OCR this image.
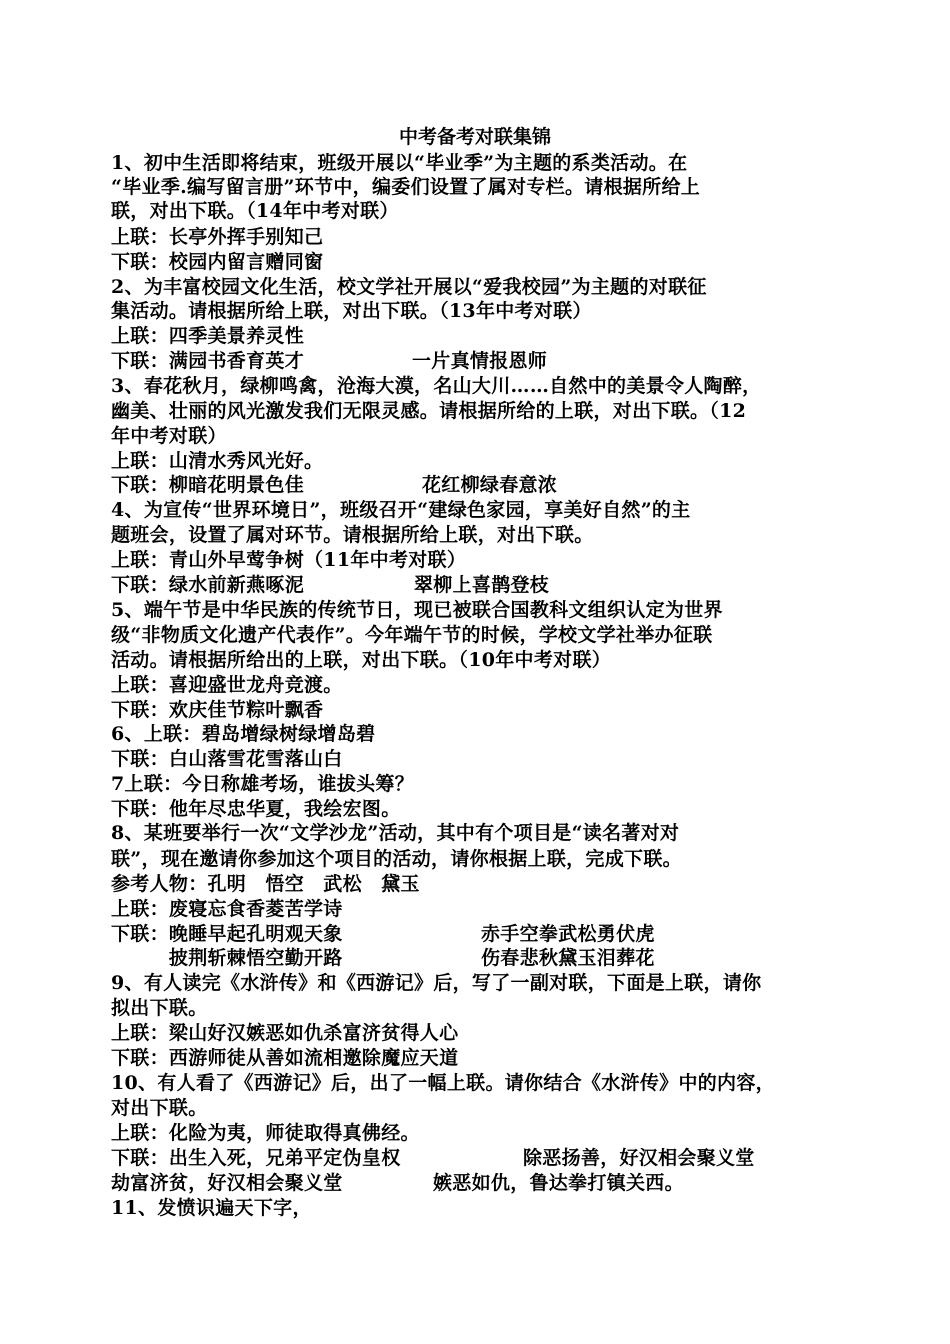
中考备考对联集锦
1、初中生活即将结束，班级开展以“毕业季”为主题的系类活动。在
“毕业季.编写留言册”环节中，编委们设置了属对专栏。请根据所给上
联，对出下联。（14年中考对联）
上联：长亭外挥手别知己
下联：校园内留言赠同窗
2、为丰富校园文化生活，校文学社开展以“爱我校园”为主题的对联征
集活动。请根据所给上联，对出下联。（13年中考对联）
上联：四季美景养灵性
下联：满园书香育英才	一片真情报恩师
3、春花秋月，绿柳鸣禽，沧海大漠，名山大川……自然中的美景令人陶醉，
幽美、壮丽的风光激发我们无限灵感。请根据所给的上联，对出下联。（12
年中考对联）
上联：山清水秀风光好。
下联：柳暗花明景色佳	花红柳绿春意浓
4、为宣传“世界环境日”，班级召开“建绿色家园，享美好自然”的主
题班会，设置了属对环节。请根据所给上联，对出下联。
上联：青山外早莺争树（11年中考对联）
下联：绿水前新燕啄泥	翠柳上喜鹊登枝
5、端午节是中华民族的传统节日，现已被联合国教科文组织认定为世界
级“非物质文化遗产代表作”。今年端午节的时候，学校文学社举办征联
活动。请根据所给出的上联，对出下联。（10年中考对联）
上联：喜迎盛世龙舟竞渡。
下联：欢庆佳节粽叶飘香
6、上联：碧岛增绿树绿增岛碧
下联：白山落雪花雪落山白
7上联：今日称雄考场，谁拔头筹？
下联：他年尽忠华夏，我绘宏图。
8、某班要举行一次“文学沙龙”活动，其中有个项目是“读名著对对
联”，现在邀请你参加这个项目的活动，请你根据上联，完成下联。
参考人物：孔明　悟空　武松　黛玉
上联：废寝忘食香菱苦学诗
下联：晚睡早起孔明观天象	赤手空拳武松勇伏虎
　　　披荆斩棘悟空勤开路	伤春悲秋黛玉泪葬花
9、有人读完《水浒传》和《西游记》后，写了一副对联，下面是上联，请你
拟出下联。
上联：梁山好汉嫉恶如仇杀富济贫得人心
下联：西游师徒从善如流相邀除魔应天道
10、有人看了《西游记》后，出了一幅上联。请你结合《水浒传》中的内容，
对出下联。
上联：化险为夷，师徒取得真佛经。
下联：出生入死，兄弟平定伪皇权	除恶扬善，好汉相会聚义堂
劫富济贫，好汉相会聚义堂	嫉恶如仇，鲁达拳打镇关西。
11、发愤识遍天下字，
